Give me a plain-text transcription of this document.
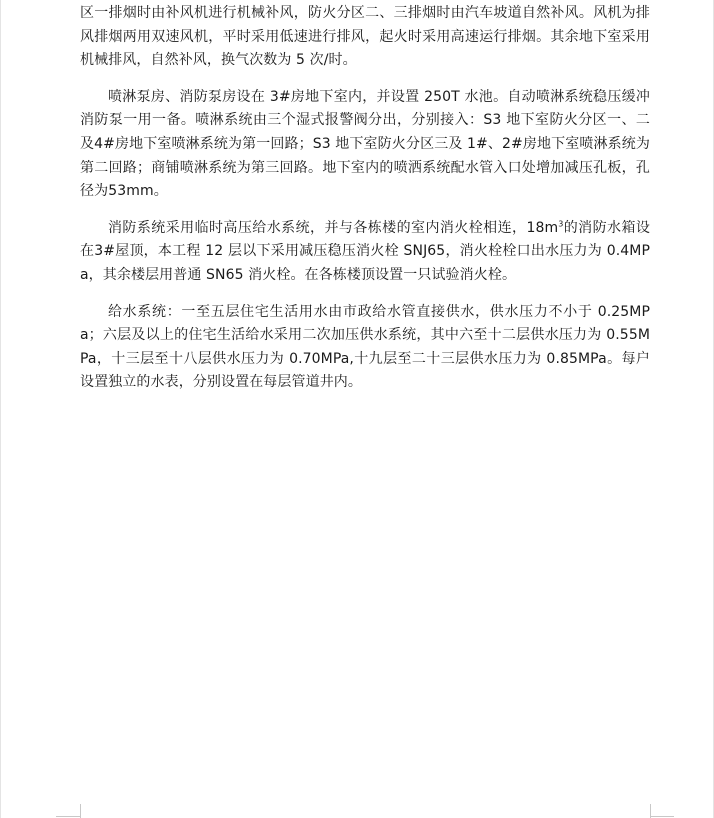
区一排烟时由补风机进行机械补风，防火分区二、三排烟时由汽车坡道自然补风。风机为排风排烟两用双速风机，平时采用低速进行排风，起火时采用高速运行排烟。其余地下室采用机械排风，自然补风，换气次数为 5 次/时。

喷淋泵房、消防泵房设在 3#房地下室内，并设置 250T 水池。自动喷淋系统稳压缓冲消防泵一用一备。喷淋系统由三个湿式报警阀分出，分别接入：S3 地下室防火分区一、二及4#房地下室喷淋系统为第一回路；S3 地下室防火分区三及 1#、2#房地下室喷淋系统为第二回路；商铺喷淋系统为第三回路。地下室内的喷洒系统配水管入口处增加减压孔板，孔径为53mm。

消防系统采用临时高压给水系统，并与各栋楼的室内消火栓相连，$18m^3$的消防水箱设在3#屋顶，本工程 12 层以下采用减压稳压消火栓 SNJ65，消火栓栓口出水压力为 0.4MPa，其余楼层用普通 SN65 消火栓。在各栋楼顶设置一只试验消火栓。

给水系统：一至五层住宅生活用水由市政给水管直接供水，供水压力不小于 0.25MPa；六层及以上的住宅生活给水采用二次加压供水系统，其中六至十二层供水压力为 0.55MPa，十三层至十八层供水压力为 0.70MPa,十九层至二十三层供水压力为 0.85MPa。每户设置独立的水表，分别设置在每层管道井内。
